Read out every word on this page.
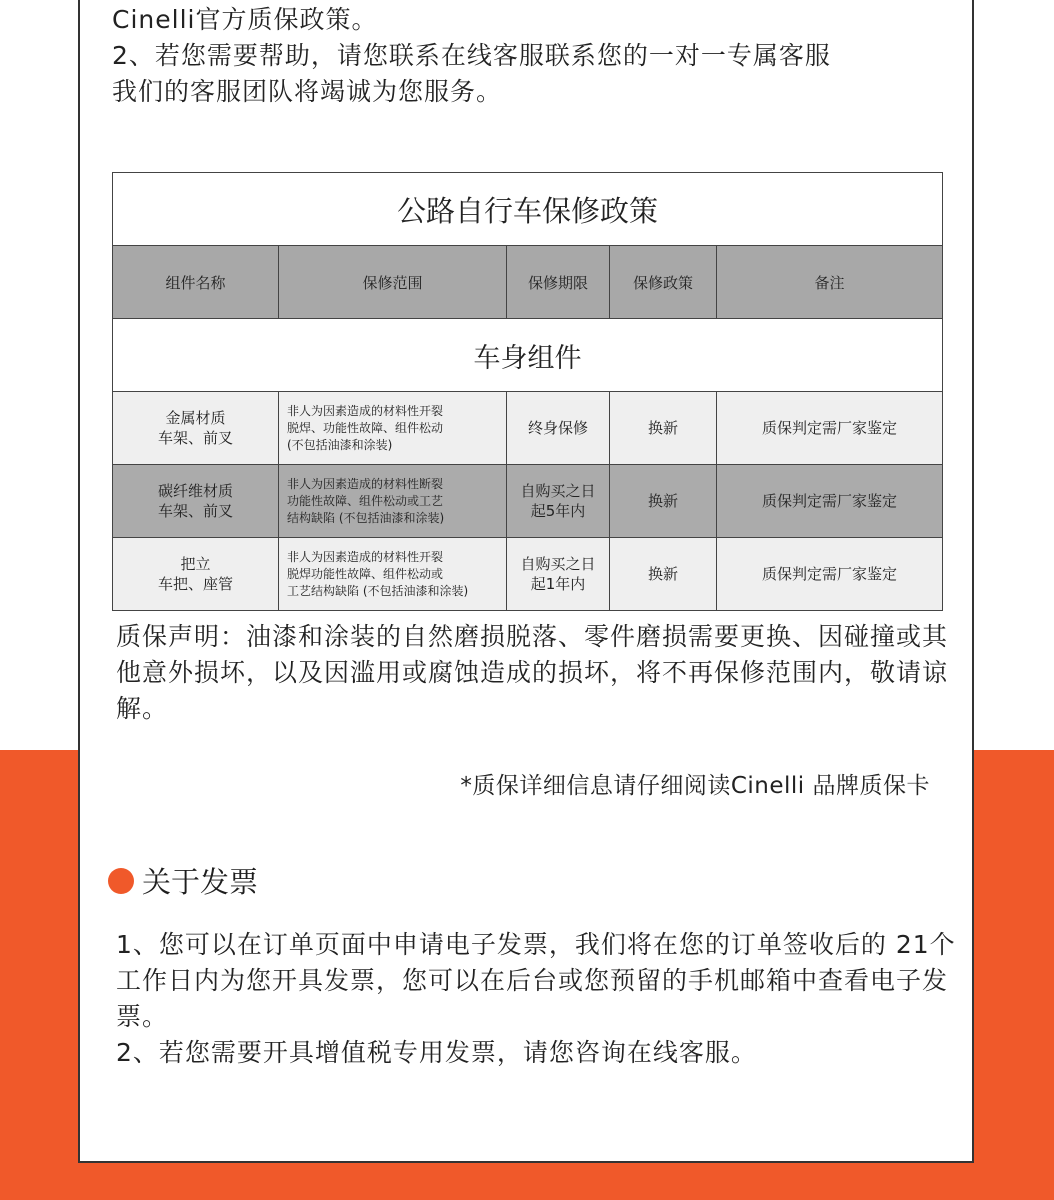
Cinelli官方质保政策。
2、若您需要帮助，请您联系在线客服联系您的一对一专属客服
我们的客服团队将竭诚为您服务。
公路自行车保修政策				
组件名称	保修范围	保修期限	保修政策	备注
车身组件				
金属材质
车架、前叉	非人为因素造成的材料性开裂
脱焊、功能性故障、组件松动
(不包括油漆和涂装)	终身保修	换新	质保判定需厂家鉴定
碳纤维材质
车架、前叉	非人为因素造成的材料性断裂
功能性故障、组件松动或工艺
结构缺陷 (不包括油漆和涂装)	自购买之日
起5年内	换新	质保判定需厂家鉴定
把立
车把、座管	非人为因素造成的材料性开裂
脱焊功能性故障、组件松动或
工艺结构缺陷 (不包括油漆和涂装)	自购买之日
起1年内	换新	质保判定需厂家鉴定
质保声明：油漆和涂装的自然磨损脱落、零件磨损需要更换、因碰撞或其他意外损坏，以及因滥用或腐蚀造成的损坏，将不再保修范围内，敬请谅解。
*质保详细信息请仔细阅读Cinelli 品牌质保卡
关于发票
1、您可以在订单页面中申请电子发票，我们将在您的订单签收后的 21个工作日内为您开具发票，您可以在后台或您预留的手机邮箱中查看电子发票。
2、若您需要开具增值税专用发票，请您咨询在线客服。
